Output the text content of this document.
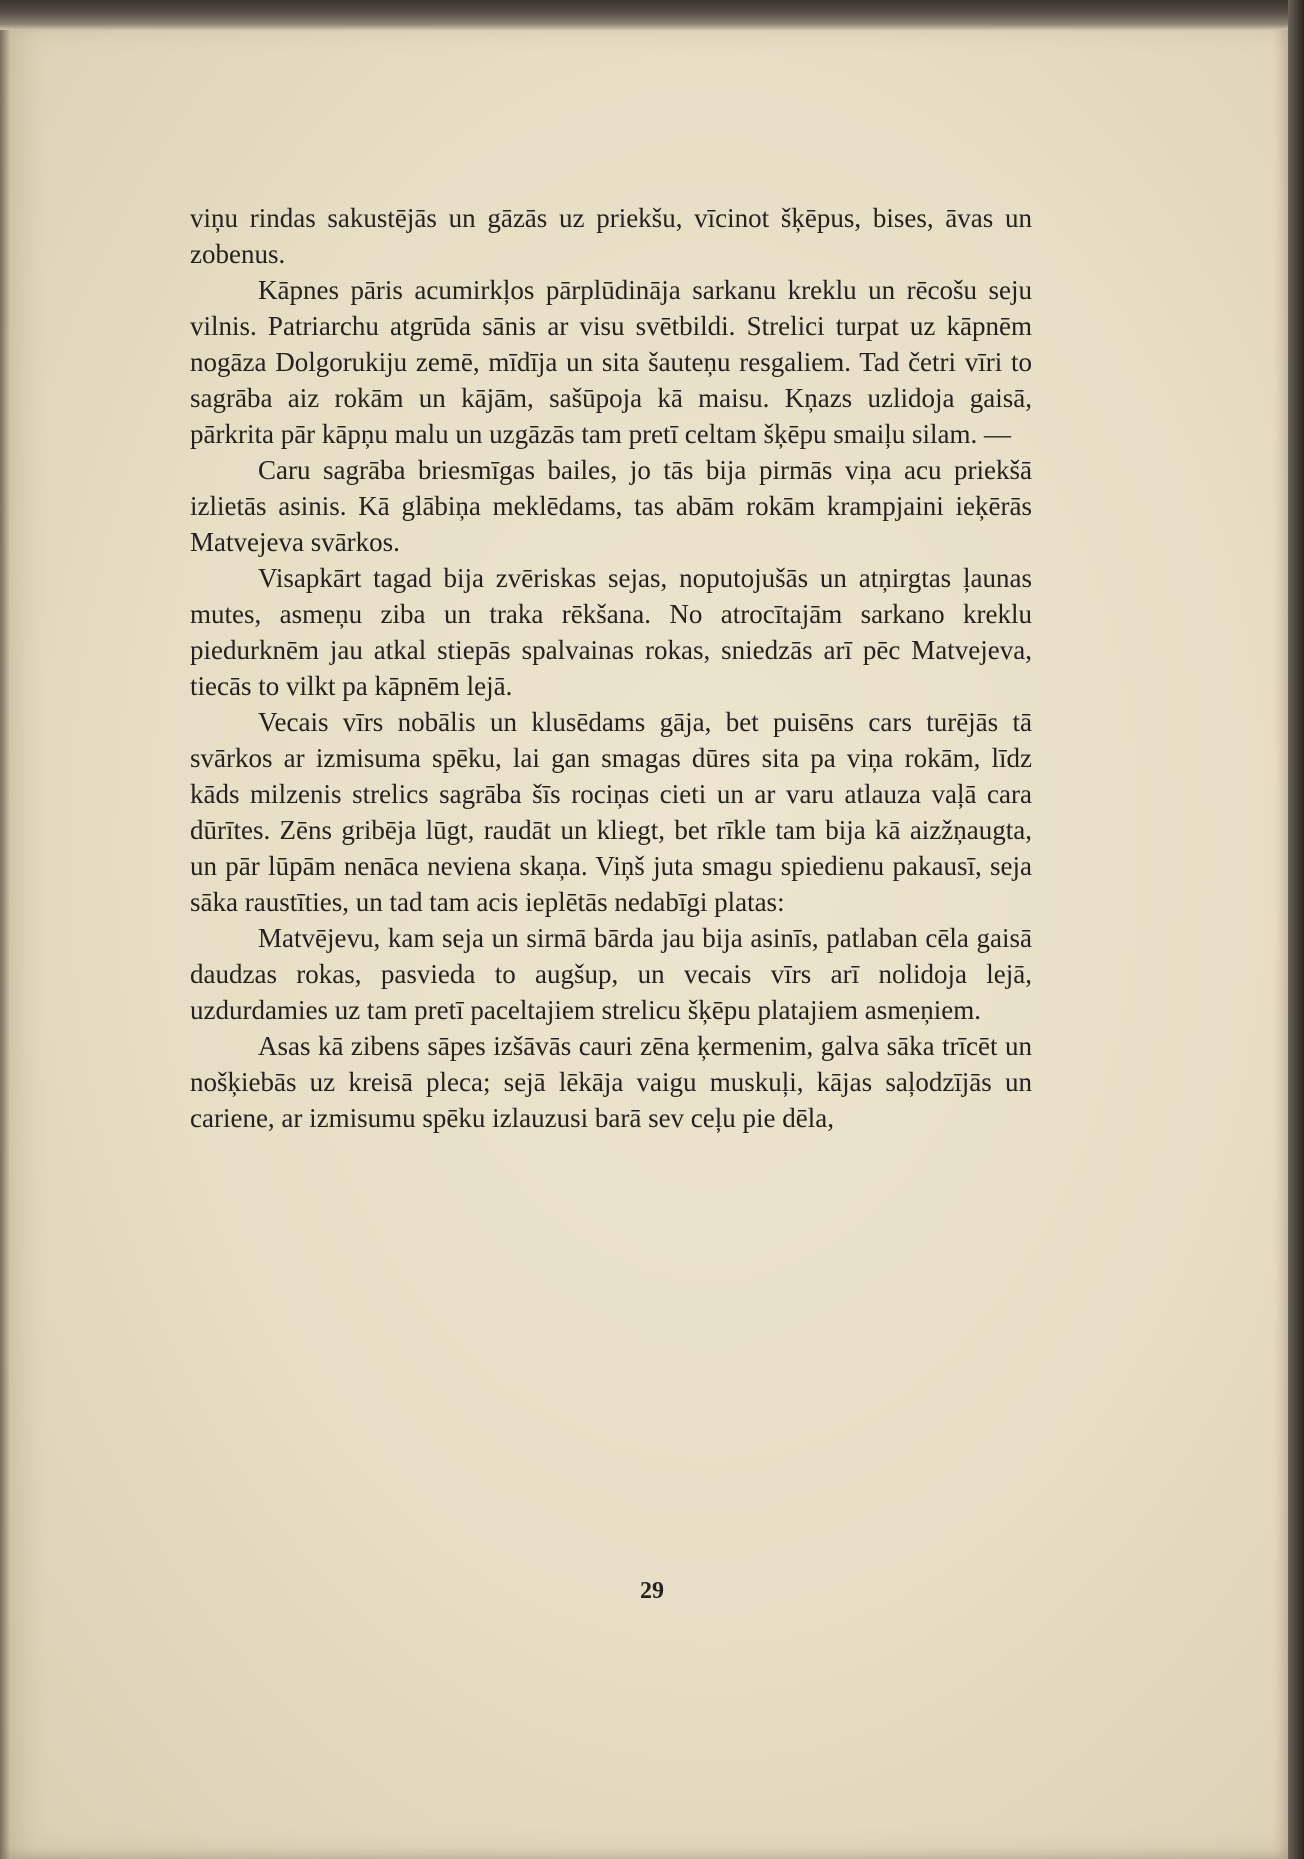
viņu rindas sakustējās un gāzās uz priekšu, vīcinot šķēpus, bises, āvas un zobenus.

Kāpnes pāris acumirkļos pārplūdināja sarkanu kreklu un rēcošu seju vilnis. Patriarchu atgrūda sānis ar visu svētbildi. Strelici turpat uz kāpnēm nogāza Dolgorukiju zemē, mīdīja un sita šauteņu resgaliem. Tad četri vīri to sagrāba aiz rokām un kājām, sašūpoja kā maisu. Kņazs uzlidoja gaisā, pārkrita pār kāpņu malu un uzgāzās tam pretī celtam šķēpu smaiļu silam. —

Caru sagrāba briesmīgas bailes, jo tās bija pirmās viņa acu priekšā izlietās asinis. Kā glābiņa meklēdams, tas abām rokām krampjaini ieķērās Matvejeva svārkos.

Visapkārt tagad bija zvēriskas sejas, noputojušās un atņirgtas ļaunas mutes, asmeņu ziba un traka rēkšana. No atrocītajām sarkano kreklu piedurknēm jau atkal stiepās spalvainas rokas, sniedzās arī pēc Matvejeva, tiecās to vilkt pa kāpnēm lejā.

Vecais vīrs nobālis un klusēdams gāja, bet puisēns cars turējās tā svārkos ar izmisuma spēku, lai gan smagas dūres sita pa viņa rokām, līdz kāds milzenis strelics sagrāba šīs rociņas cieti un ar varu atlauza vaļā cara dūrītes. Zēns gribēja lūgt, raudāt un kliegt, bet rīkle tam bija kā aizžņaugta, un pār lūpām nenāca neviena skaņa. Viņš juta smagu spiedienu pakausī, seja sāka raustīties, un tad tam acis ieplētās nedabīgi platas:

Matvējevu, kam seja un sirmā bārda jau bija asinīs, patlaban cēla gaisā daudzas rokas, pasvieda to augšup, un vecais vīrs arī nolidoja lejā, uzdurdamies uz tam pretī paceltajiem strelicu šķēpu platajiem asmeņiem.

Asas kā zibens sāpes izšāvās cauri zēna ķermenim, galva sāka trīcēt un nošķiebās uz kreisā pleca; sejā lēkāja vaigu muskuļi, kājas saļodzījās un cariene, ar izmisumu spēku izlauzusi barā sev ceļu pie dēla,

29
